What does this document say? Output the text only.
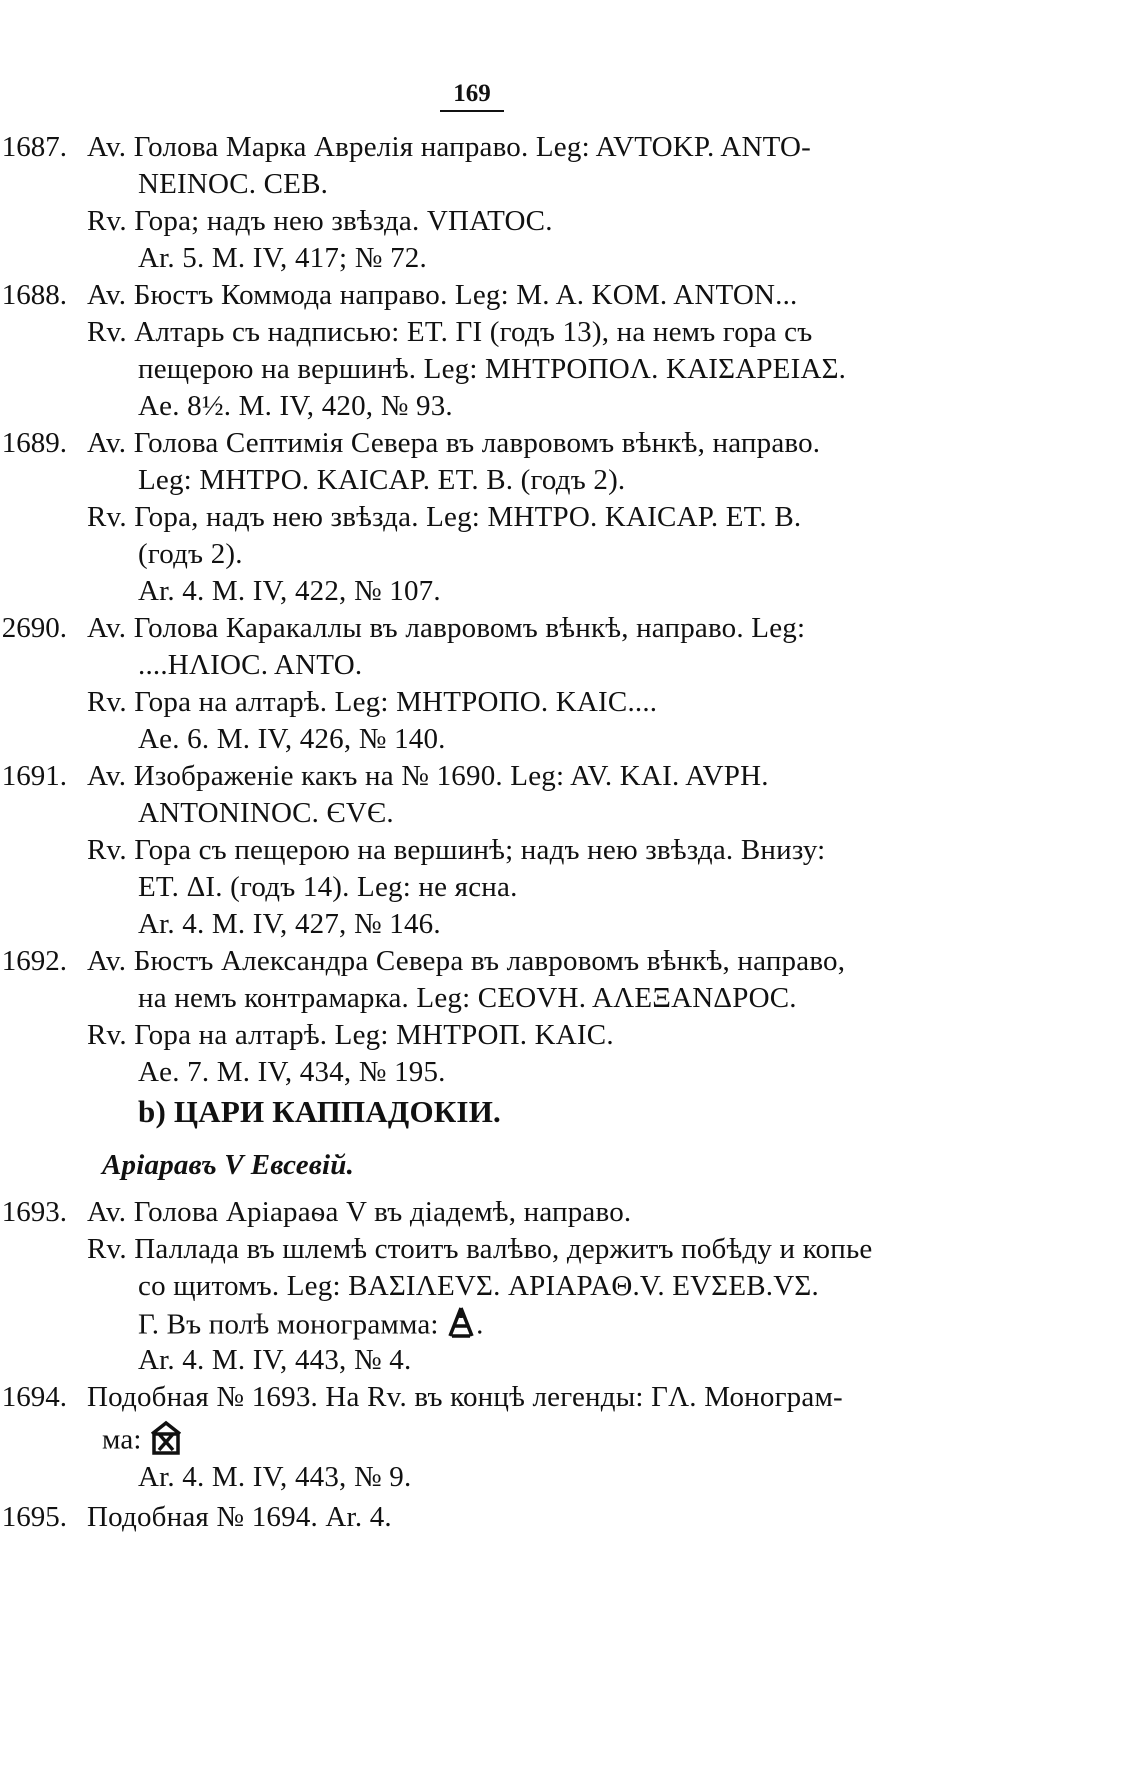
169
1687. Av. Голова Марка Аврелія направо. Leg: AVTOKP. ANTO-
NEINOC. CEB.
Rv. Гора; надъ нею звѣзда. VПATOC.
Ar. 5. M. IV, 417; № 72.
1688. Av. Бюстъ Коммода направо. Leg: M. A. KOM. ANTON...
Rv. Алтарь съ надписью: ET. ГI (годъ 13), на немъ гора съ
пещерою на вершинѣ. Leg: MHTPOПOΛ. KAIΣAPEIAΣ.
Ae. 8½. M. IV, 420, № 93.
1689. Av. Голова Септимія Севера въ лавровомъ вѣнкѣ, направо.
Leg: MHTPO. KAICAP. ET. B. (годъ 2).
Rv. Гора, надъ нею звѣзда. Leg: MHTPO. KAICAP. ET. B.
(годъ 2).
Ar. 4. M. IV, 422, № 107.
2690. Av. Голова Каракаллы въ лавровомъ вѣнкѣ, направо. Leg:
....HΛIOC. ANTO.
Rv. Гора на алтарѣ. Leg: MHTPOПO. KAIC....
Ae. 6. M. IV, 426, № 140.
1691. Av. Изображеніе какъ на № 1690. Leg: AV. KAI. AVPH.
ANTONINOC. ЄVЄ.
Rv. Гора съ пещерою на вершинѣ; надъ нею звѣзда. Внизу:
ET. ΔI. (годъ 14). Leg: не ясна.
Ar. 4. M. IV, 427, № 146.
1692. Av. Бюстъ Александра Севера въ лавровомъ вѣнкѣ, направо,
на немъ контрамарка. Leg: CEOVH. AΛEΞANΔPOC.
Rv. Гора на алтарѣ. Leg: MHTPOП. KAIC.
Ae. 7. M. IV, 434, № 195.
b) ЦАРИ КАППАДОКІИ.
Аріаравъ V Евсевій.
1693. Av. Голова Аріараѳа V въ діадемѣ, направо.
Rv. Паллада въ шлемѣ стоитъ валѣво, держитъ побѣду и копье
со щитомъ. Leg: BAΣIΛEVΣ. APIAPAΘ.V. EVΣEB.VΣ.
Г. Въ полѣ монограмма: .
Ar. 4. M. IV, 443, № 4.
1694. Подобная № 1693. На Rv. въ концѣ легенды: ГΛ. Монограм-
ма:
Ar. 4. M. IV, 443, № 9.
1695. Подобная № 1694. Ar. 4.
